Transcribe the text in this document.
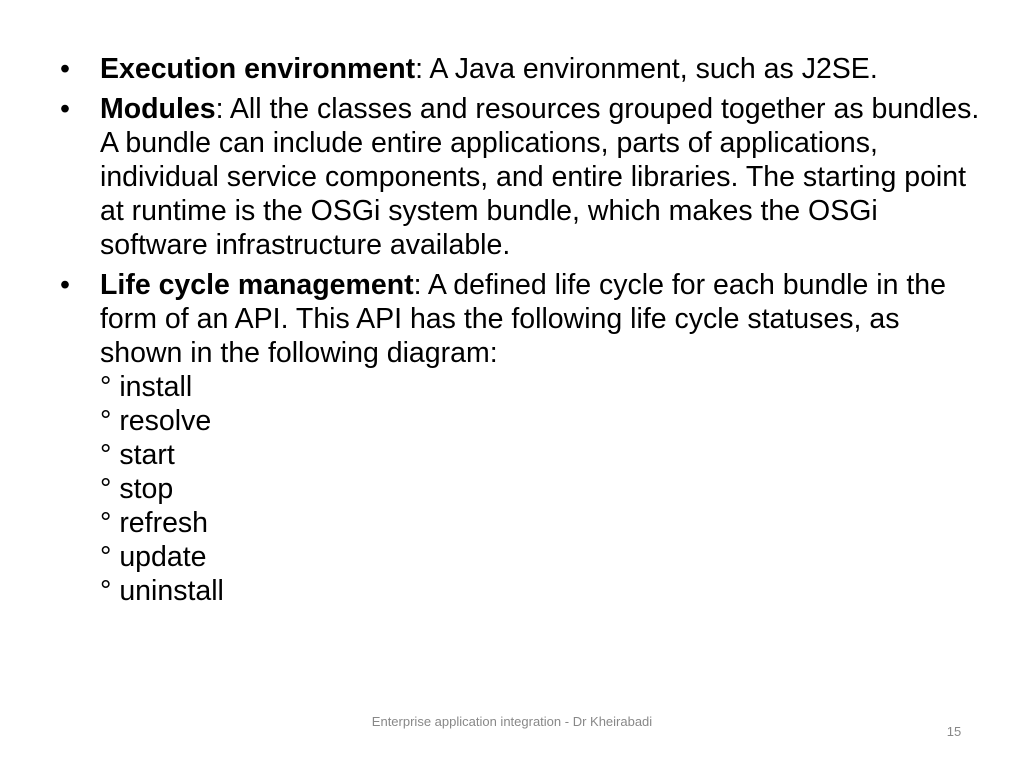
•	Execution environment: A Java environment, such as J2SE.
•	Modules: All the classes and resources grouped together as bundles. A bundle can include entire applications, parts of applications, individual service components, and entire libraries. The starting point at runtime is the OSGi system bundle, which makes the OSGi software infrastructure available.
•	Life cycle management: A defined life cycle for each bundle in the form of an API. This API has the following life cycle statuses, as shown in the following diagram:
° install
° resolve
° start
° stop
° refresh
° update
° uninstall
Enterprise application integration - Dr Kheirabadi
15
